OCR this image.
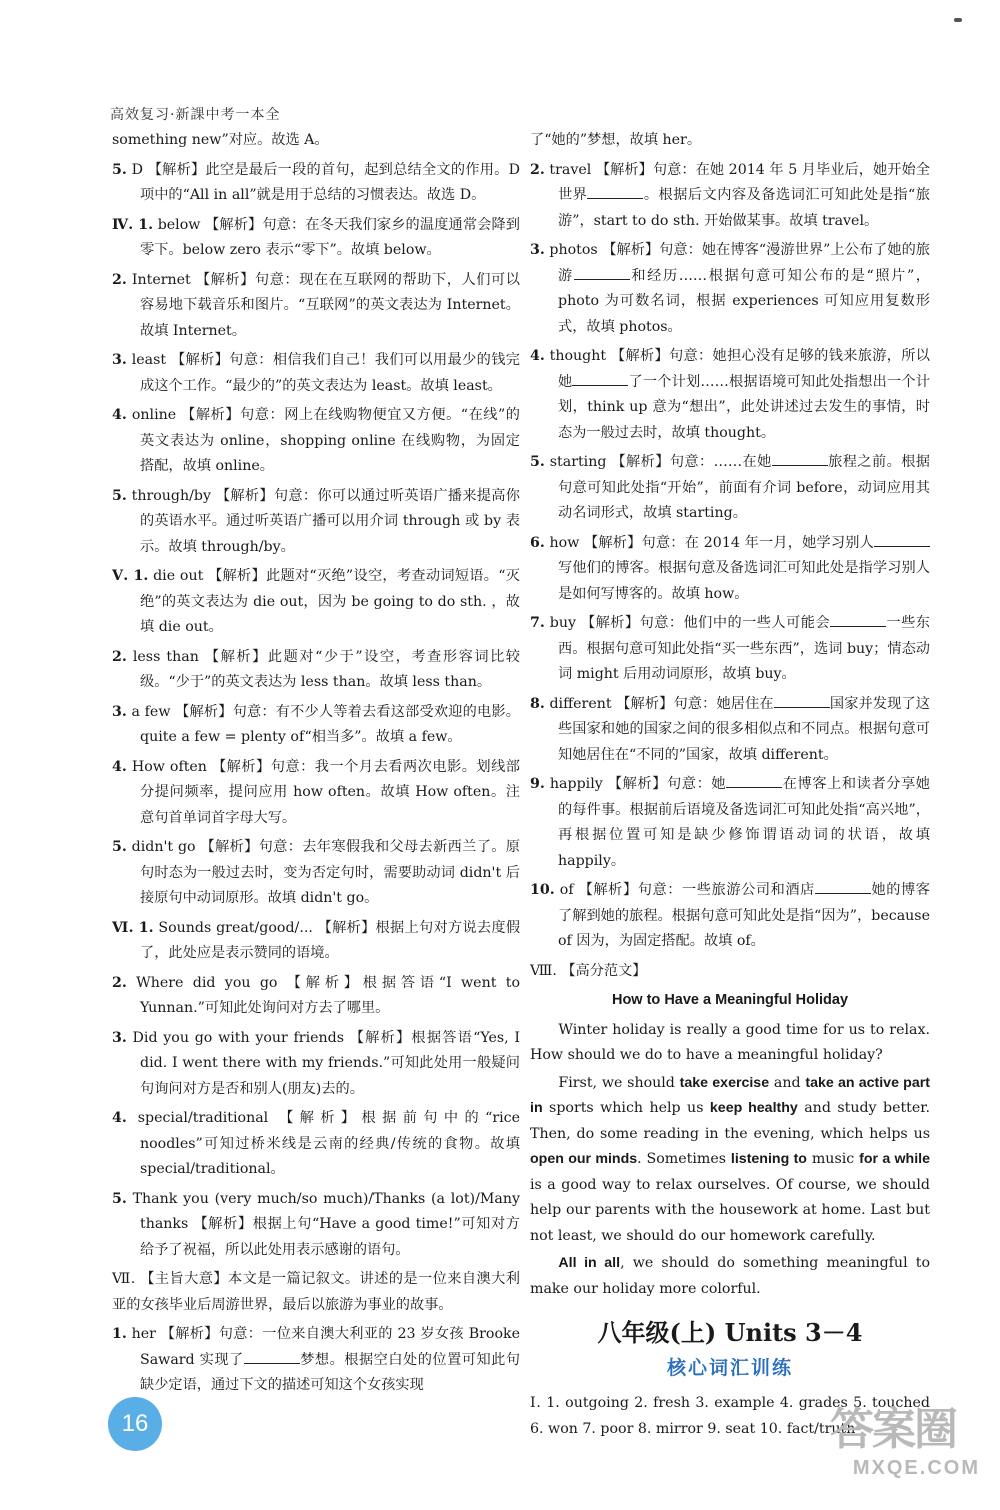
高效复习·新課中考一本全
something new”对应。故选 A。
5. D 【解析】此空是最后一段的首句，起到总结全文的作用。D 项中的“All in all”就是用于总结的习惯表达。故选 D。
Ⅳ. 1. below 【解析】句意：在冬天我们家乡的温度通常会降到零下。below zero 表示“零下”。故填 below。
2. Internet 【解析】句意：现在在互联网的帮助下，人们可以容易地下载音乐和图片。“互联网”的英文表达为 Internet。故填 Internet。
3. least 【解析】句意：相信我们自己！我们可以用最少的钱完成这个工作。“最少的”的英文表达为 least。故填 least。
4. online 【解析】句意：网上在线购物便宜又方便。“在线”的英文表达为 online，shopping online 在线购物，为固定搭配，故填 online。
5. through/by 【解析】句意：你可以通过听英语广播来提高你的英语水平。通过听英语广播可以用介词 through 或 by 表示。故填 through/by。
Ⅴ. 1. die out 【解析】此题对“灭绝”设空，考查动词短语。“灭绝”的英文表达为 die out，因为 be going to do sth. ，故填 die out。
2. less than 【解析】此题对“少于”设空，考查形容词比较级。“少于”的英文表达为 less than。故填 less than。
3. a few 【解析】句意：有不少人等着去看这部受欢迎的电影。quite a few = plenty of“相当多”。故填 a few。
4. How often 【解析】句意：我一个月去看两次电影。划线部分提问频率，提问应用 how often。故填 How often。注意句首单词首字母大写。
5. didn't go 【解析】句意：去年寒假我和父母去新西兰了。原句时态为一般过去时，变为否定句时，需要助动词 didn't 后接原句中动词原形。故填 didn't go。
Ⅵ. 1. Sounds great/good/... 【解析】根据上句对方说去度假了，此处应是表示赞同的语境。
2. Where did you go 【解析】根据答语“I went to Yunnan.”可知此处询问对方去了哪里。
3. Did you go with your friends 【解析】根据答语“Yes, I did. I went there with my friends.”可知此处用一般疑问句询问对方是否和别人(朋友)去的。
4. special/traditional 【解析】根据前句中的“rice noodles”可知过桥米线是云南的经典/传统的食物。故填 special/traditional。
5. Thank you (very much/so much)/Thanks (a lot)/Many thanks 【解析】根据上句“Have a good time!”可知对方给予了祝福，所以此处用表示感谢的语句。
Ⅶ. 【主旨大意】本文是一篇记叙文。讲述的是一位来自澳大利亚的女孩毕业后周游世界，最后以旅游为事业的故事。
1. her 【解析】句意：一位来自澳大利亚的 23 岁女孩 Brooke Saward 实现了	梦想。根据空白处的位置可知此句缺少定语，通过下文的描述可知这个女孩实现
了“她的”梦想，故填 her。
2. travel 【解析】句意：在她 2014 年 5 月毕业后，她开始全世界	。根据后文内容及备选词汇可知此处是指“旅游”，start to do sth. 开始做某事。故填 travel。
3. photos 【解析】句意：她在博客“漫游世界”上公布了她的旅游	和经历……根据句意可知公布的是“照片”，photo 为可数名词，根据 experiences 可知应用复数形式，故填 photos。
4. thought 【解析】句意：她担心没有足够的钱来旅游，所以她	了一个计划……根据语境可知此处指想出一个计划，think up 意为“想出”，此处讲述过去发生的事情，时态为一般过去时，故填 thought。
5. starting 【解析】句意：……在她	旅程之前。根据句意可知此处指“开始”，前面有介词 before，动词应用其动名词形式，故填 starting。
6. how 【解析】句意：在 2014 年一月，她学习别人写他们的博客。根据句意及备选词汇可知此处是指学习别人是如何写博客的。故填 how。
7. buy 【解析】句意：他们中的一些人可能会	一些东西。根据句意可知此处指“买一些东西”，选词 buy；情态动词 might 后用动词原形，故填 buy。
8. different 【解析】句意：她居住在	国家并发现了这些国家和她的国家之间的很多相似点和不同点。根据句意可知她居住在“不同的”国家，故填 different。
9. happily 【解析】句意：她	在博客上和读者分享她的每件事。根据前后语境及备选词汇可知此处指“高兴地”，再根据位置可知是缺少修饰谓语动词的状语，故填 happily。
10. of 【解析】句意：一些旅游公司和酒店	她的博客了解到她的旅程。根据句意可知此处是指“因为”，because of 因为，为固定搭配。故填 of。
Ⅷ. 【高分范文】
How to Have a Meaningful Holiday

Winter holiday is really a good time for us to relax. How should we do to have a meaningful holiday?

First, we should take exercise and take an active part in sports which help us keep healthy and study better. Then, do some reading in the evening, which helps us open our minds. Sometimes listening to music for a while is a good way to relax ourselves. Of course, we should help our parents with the housework at home. Last but not least, we should do our homework carefully.

All in all, we should do something meaningful to make our holiday more colorful.

八年级(上) Units 3－4
核心词汇训练
Ⅰ. 1. outgoing 2. fresh 3. example 4. grades 5. touched 6. won 7. poor 8. mirror 9. seat 10. fact/truth
16	答案圈
MXQE.COM
